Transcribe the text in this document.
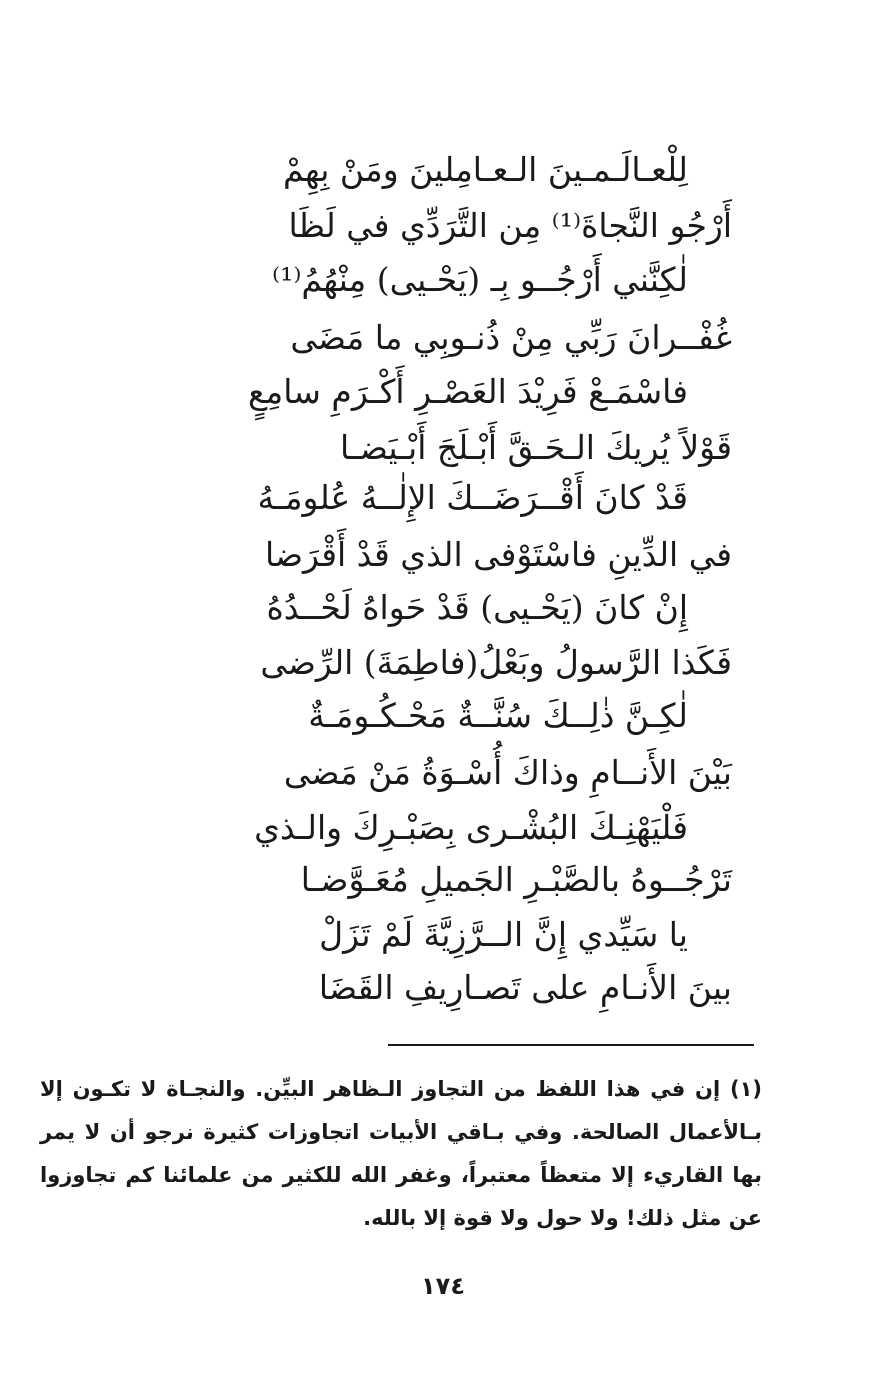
لِلْعـالَـمـينَ الـعـامِلينَ ومَنْ بِهِمْ
أَرْجُو النَّجاةَ⁽¹⁾ مِن التَّرَدِّي في لَظَا
لٰكِنَّني أَرْجُــو بِـ (يَحْـيى) مِنْهُمُ⁽¹⁾
غُفْــرانَ رَبِّي مِنْ ذُنـوبِي ما مَضَى
فاسْمَـعْ فَرِيْدَ العَصْـرِ أَكْـرَمِ سامِعٍ
قَوْلاً يُريكَ الـحَـقَّ أَبْـلَجَ أَبْـيَضـا
قَدْ كانَ أَقْــرَضَــكَ الإِلٰــهُ عُلومَـهُ
في الدِّينِ فاسْتَوْفى الذي قَدْ أَقْرَضا
إِنْ كانَ (يَحْـيى) قَدْ حَواهُ لَحْــدُهُ
فَكَذا الرَّسولُ وبَعْلُ(فاطِمَةَ) الرِّضى
لٰكِـنَّ ذٰلِــكَ سُنَّــةٌ مَحْـكُـومَـةٌ
بَيْنَ الأَنــامِ وذاكَ أُسْـوَةُ مَنْ مَضى
فَلْيَهْنِـكَ البُشْـرى بِصَبْـرِكَ والـذي
تَرْجُــوهُ بالصَّبْـرِ الجَميلِ مُعَـوَّضـا
يا سَيِّدي إِنَّ الــرَّزِيَّةَ لَمْ تَزَلْ
بينَ الأَنـامِ على تَصـارِيفِ القَضَا
(١) إن في هذا اللفظ من التجاوز الـظاهر البيِّن. والنجـاة لا تكـون إلا بـالأعمال الصالحة. وفي بـاقي الأبيات اتجاوزات كثيرة نرجو أن لا يمر بها القاريء إلا متعظاً معتبراً، وغفر الله للكثير من علمائنا كم تجاوزوا عن مثل ذلك! ولا حول ولا قوة إلا بالله.
١٧٤
